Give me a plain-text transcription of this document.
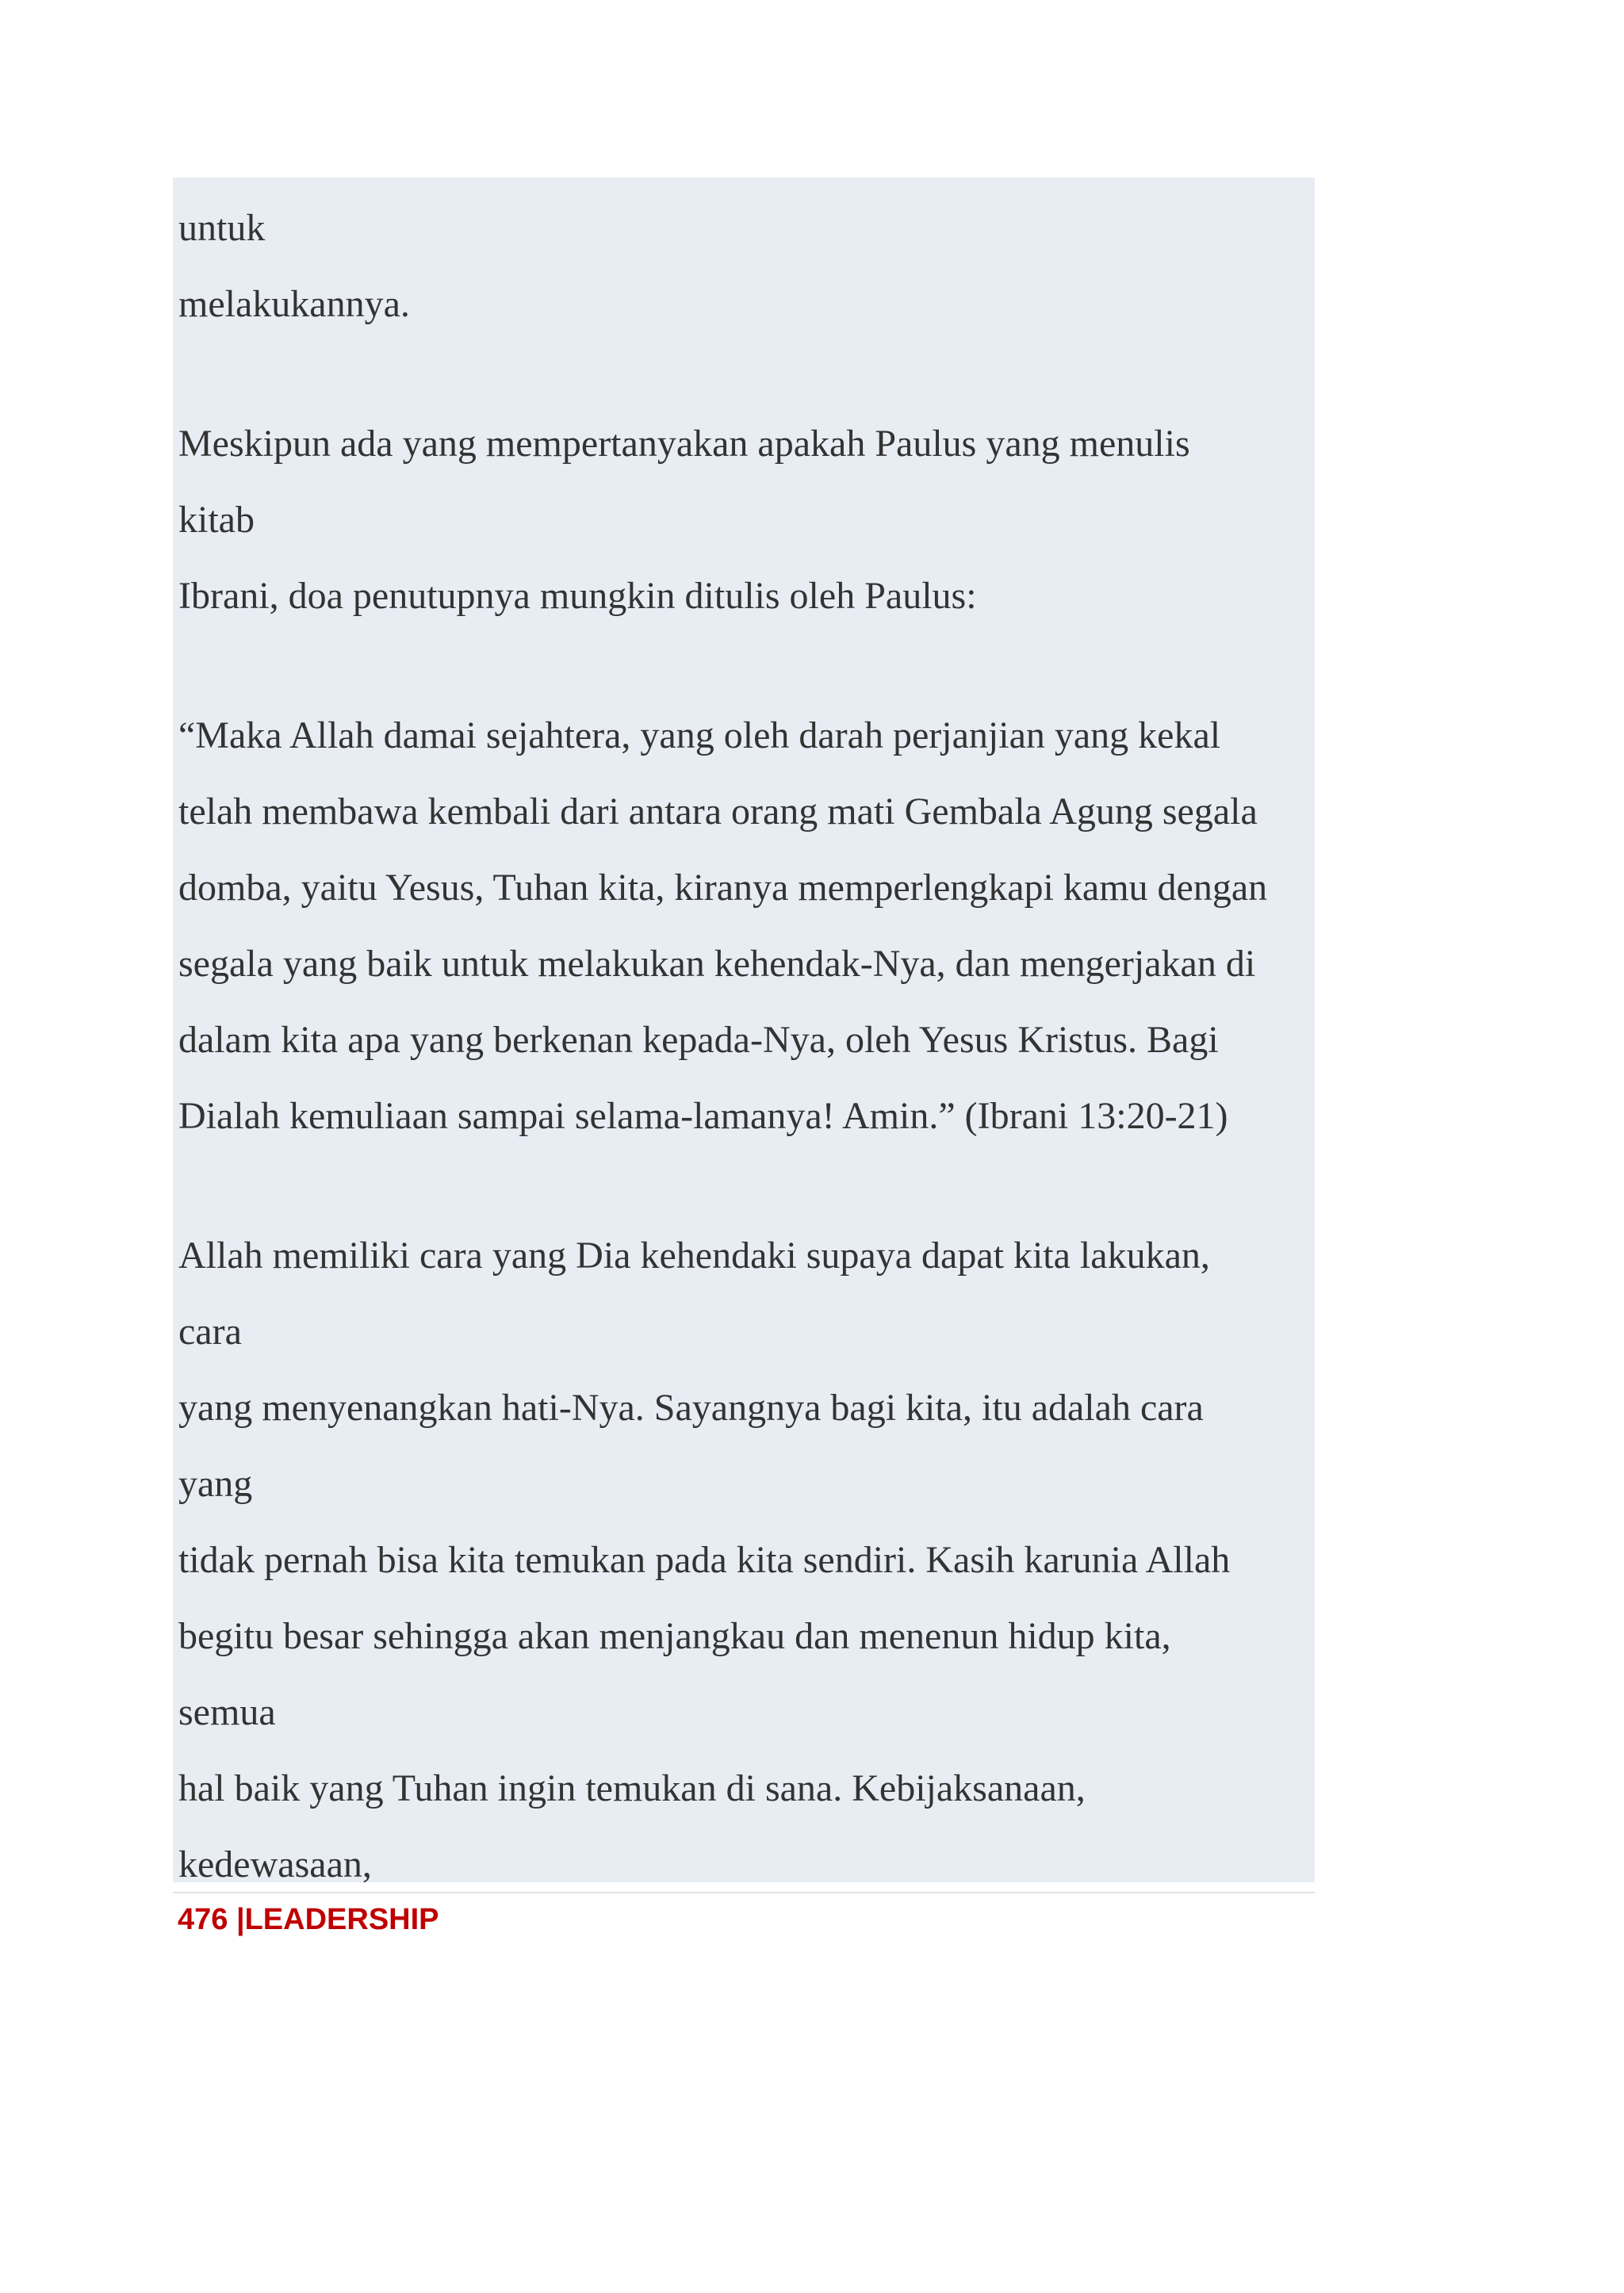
untuk
melakukannya.
Meskipun ada yang mempertanyakan apakah Paulus yang menulis
kitab
Ibrani, doa penutupnya mungkin ditulis oleh Paulus:
“Maka Allah damai sejahtera, yang oleh darah perjanjian yang kekal
telah membawa kembali dari antara orang mati Gembala Agung segala
domba, yaitu Yesus, Tuhan kita, kiranya memperlengkapi kamu dengan
segala yang baik untuk melakukan kehendak-Nya, dan mengerjakan di
dalam kita apa yang berkenan kepada-Nya, oleh Yesus Kristus. Bagi
Dialah kemuliaan sampai selama-lamanya! Amin.” (Ibrani 13:20-21)
Allah memiliki cara yang Dia kehendaki supaya dapat kita lakukan,
cara
yang menyenangkan hati-Nya. Sayangnya bagi kita, itu adalah cara
yang
tidak pernah bisa kita temukan pada kita sendiri. Kasih karunia Allah
begitu besar sehingga akan menjangkau dan menenun hidup kita,
semua
hal baik yang Tuhan ingin temukan di sana. Kebijaksanaan,
kedewasaan,
476 |LEADERSHIP
